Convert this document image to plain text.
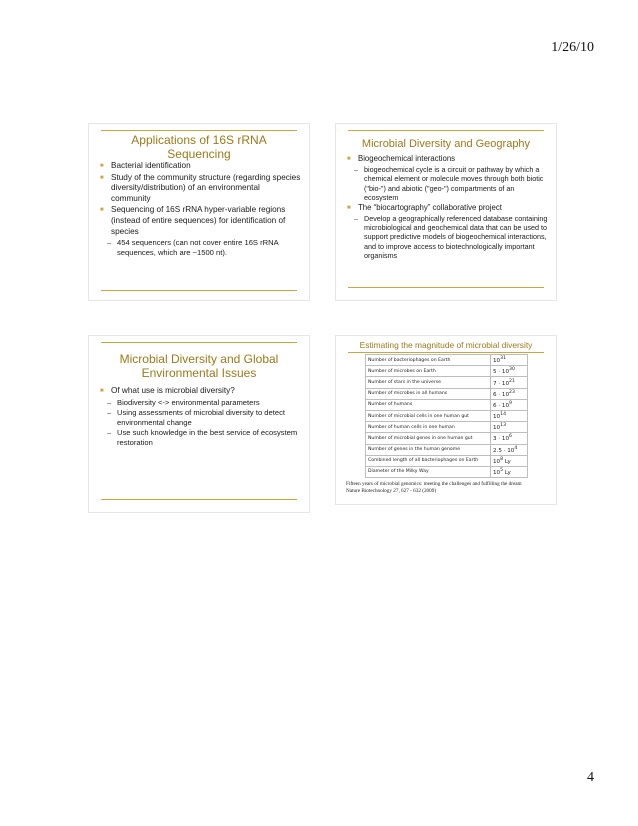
1/26/10
Applications of 16S rRNA Sequencing
■ Bacterial identification
■ Study of the community structure (regarding species diversity/distribution) of an environmental community
■ Sequencing of 16S rRNA hyper-variable regions (instead of entire sequences) for identification of species
– 454 sequencers (can not cover entire 16S rRNA sequences, which are ~1500 nt).
Microbial Diversity and Geography
■ Biogeochemical interactions
– biogeochemical cycle is a circuit or pathway by which a chemical element or molecule moves through both biotic ("bio-") and abiotic ("geo-") compartments of an ecosystem
■ The “biocartography” collaborative project
– Develop a geographically referenced database containing microbiological and geochemical data that can be used to support predictive models of biogeochemical interactions, and to improve access to biotechnologically important organisms
Microbial Diversity and Global Environmental Issues
■ Of what use is microbial diversity?
– Biodiversity <-> environmental parameters
– Using assessments of microbial diversity to detect environmental change
– Use such knowledge in the best service of ecosystem restoration
Estimating the magnitude of microbial diversity
Number of bacteriophages on Earth	$10^{31}$
Number of microbes on Earth	$5 \cdot 10^{30}$
Number of stars in the universe	$7 \cdot 10^{21}$
Number of microbes in all humans	$6 \cdot 10^{23}$
Number of humans	$6 \cdot 10^9$
Number of microbial cells in one human gut	$10^{14}$
Number of human cells in one human	$10^{13}$
Number of microbial genes in one human gut	$3 \cdot 10^6$
Number of genes in the human genome	$2.5 \cdot 10^4$
Combined length of all bacteriophages on Earth	$10^8$ Ly
Diameter of the Milky Way	$10^5$ Ly
Fifteen years of microbial genomics: meeting the challenges and fulfilling the dream
Nature Biotechnology 27, 627 - 632 (2009)
4
